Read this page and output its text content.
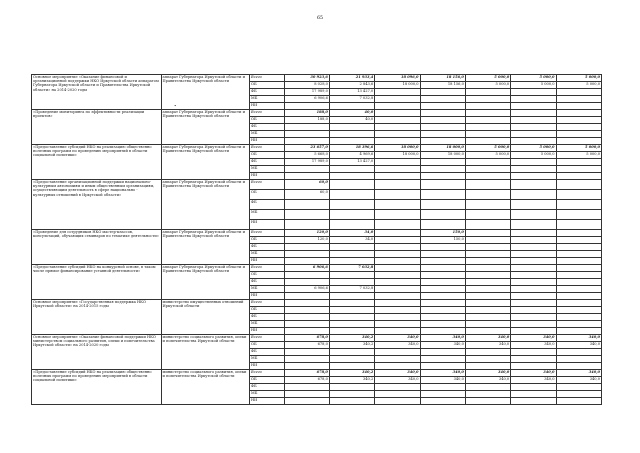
65
•
Основное мероприятие «Оказание финансовой и организационной поддержки НКО Иркутской области аппаратом Губернатора Иркутской области и Правительства Иркутской области» на 2014-2020 годы	аппарат Губернатора Иркутской области и Правительства Иркутской области	Всего	30 923,6	21 933,4	18 096,0	18 156,0	5 000,0	5 000,0	5 000,0
		ОБ	8 028,0	2 843,6	18 000,0	18 156,0	5 000,0	5 000,0	5 000,0
		ФБ	17 989,0	13 427,0					
		МБ	6 906,6	7 032,8					
		НИ							
«Проведение мониторинга по эффективности реализации проектов»	аппарат Губернатора Иркутской области и Правительства Иркутской области	Всего	188,0	40,0					
		ОБ	188,0	40,0					
		ФБ							
		МБ							
		НИ							
«Предоставление субсидий НКО на реализацию общественно полезных программ по проведению мероприятий в области социальной политики»	аппарат Губернатора Иркутской области и Правительства Иркутской области	Всего	23 657,0	18 396,6	18 000,0	18 000,0	5 000,0	5 000,0	5 000,0
		ОБ	5 668,0	4 969,6	18 000,0	18 000,0	5 000,0	5 000,0	5 000,0
		ФБ	17 989,0	13 427,0					
		МБ							
		НИ							
«Предоставление организационной поддержки национально-культурным автономиям и иным общественным организациям, осуществляющим деятельность в сфере национально - культурных отношений в Иркутской области»	аппарат Губернатора Иркутской области и Правительства Иркутской области	Всего	60,0						
		ОБ	60,0						
		ФБ							
		МБ							
		НИ							
«Проведение для сотрудников НКО мастер-классов, консультаций, обучающих семинаров по тематике деятельности»	аппарат Губернатора Иркутской области и Правительства Иркутской области	Всего	120,0	34,0		150,0			
		ОБ	120,0	34,0		150,0			
		ФБ							
		МБ							
		НИ							
«Предоставление субсидий НКО на конкурсной основе, в таком числе прямое финансирование уставной деятельности»	аппарат Губернатора Иркутской области и Правительства Иркутской области	Всего	6 906,6	7 032,8					
		ОБ							
		ФБ							
		МБ	6 906,6	7 032,8					
		НИ							
Основное мероприятие «Государственная поддержка НКО Иркутской области» на 2014-2015 годы	министерство имущественных отношений Иркутской области	Всего							
		ОБ							
		ФБ							
		МБ							
		НИ							
Основное мероприятие «Оказание финансовой поддержки НКО министерством социального развития, опеки и попечительства Иркутской области» на 2014-2020 годы	министерство социального развития, опеки и попечительства Иркутской области	Всего	678,0	340,2	340,0	340,0	340,0	340,0	340,0
		ОБ	678,0	340,2	340,0	340,0	340,0	340,0	340,0
		ФБ							
		МБ							
		НИ							
«Предоставление субсидий НКО на реализацию общественно полезных программ по проведению мероприятий в области социальной политики»	министерство социального развития, опеки и попечительства Иркутской области	Всего	678,0	340,2	340,0	340,0	340,0	340,0	340,0
		ОБ	678,0	340,2	340,0	340,0	340,0	340,0	340,0
		ФБ							
		МБ							
		НИ							
